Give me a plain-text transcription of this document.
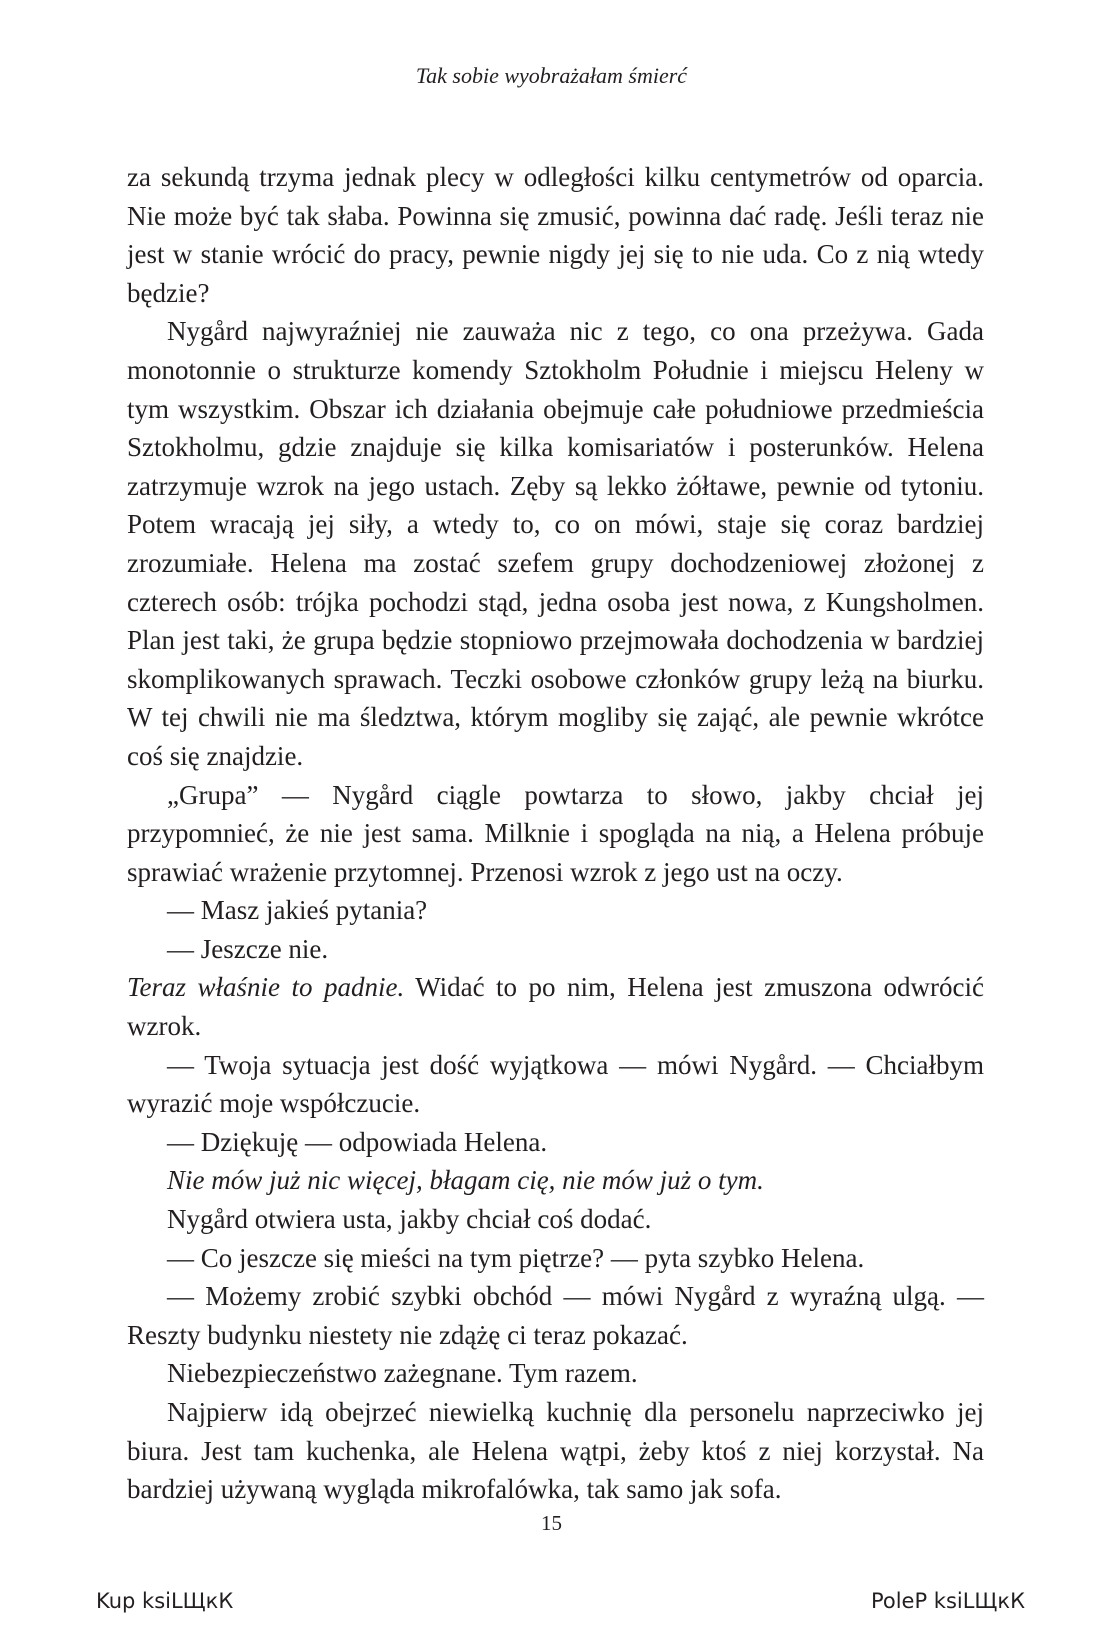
Tak sobie wyobrażałam śmierć

za sekundą trzyma jednak plecy w odległości kilku centymetrów od oparcia. Nie może być tak słaba. Powinna się zmusić, powinna dać radę. Jeśli teraz nie jest w stanie wrócić do pracy, pewnie nigdy jej się to nie uda. Co z nią wtedy będzie?

Nygård najwyraźniej nie zauważa nic z tego, co ona przeżywa. Gada monotonnie o strukturze komendy Sztokholm Południe i miejscu Heleny w tym wszystkim. Obszar ich działania obejmuje całe południowe przedmieścia Sztokholmu, gdzie znajduje się kilka komisariatów i posterunków. Helena zatrzymuje wzrok na jego ustach. Zęby są lekko żółtawe, pewnie od tytoniu. Potem wracają jej siły, a wtedy to, co on mówi, staje się coraz bardziej zrozumiałe. Helena ma zostać szefem grupy dochodzeniowej złożonej z czterech osób: trójka pochodzi stąd, jedna osoba jest nowa, z Kungsholmen. Plan jest taki, że grupa będzie stopniowo przejmowała dochodzenia w bardziej skomplikowanych sprawach. Teczki osobowe członków grupy leżą na biurku. W tej chwili nie ma śledztwa, którym mogliby się zająć, ale pewnie wkrótce coś się znajdzie.

„Grupa” — Nygård ciągle powtarza to słowo, jakby chciał jej przypomnieć, że nie jest sama. Milknie i spogląda na nią, a Helena próbuje sprawiać wrażenie przytomnej. Przenosi wzrok z jego ust na oczy.

— Masz jakieś pytania?

— Jeszcze nie.

Teraz właśnie to padnie. Widać to po nim, Helena jest zmuszona odwrócić wzrok.

— Twoja sytuacja jest dość wyjątkowa — mówi Nygård. — Chciałbym wyrazić moje współczucie.

— Dziękuję — odpowiada Helena.

Nie mów już nic więcej, błagam cię, nie mów już o tym.

Nygård otwiera usta, jakby chciał coś dodać.

— Co jeszcze się mieści na tym piętrze? — pyta szybko Helena.

— Możemy zrobić szybki obchód — mówi Nygård z wyraźną ulgą. — Reszty budynku niestety nie zdążę ci teraz pokazać.

Niebezpieczeństwo zażegnane. Tym razem.

Najpierw idą obejrzeć niewielką kuchnię dla personelu naprzeciwko jej biura. Jest tam kuchenka, ale Helena wątpi, żeby ktoś z niej korzystał. Na bardziej używaną wygląda mikrofalówka, tak samo jak sofa.

15
Kup ksiLЩкК	PoleP ksiLЩкК
